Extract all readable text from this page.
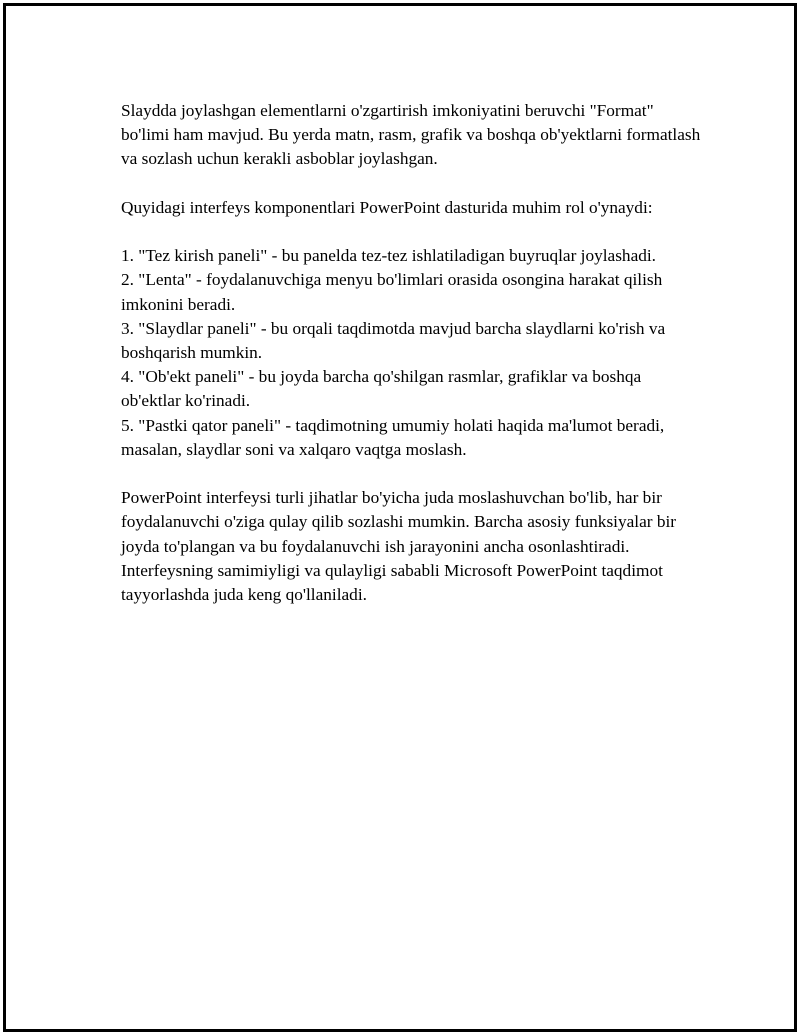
Slaydda joylashgan elementlarni o'zgartirish imkoniyatini beruvchi "Format" bo'limi ham mavjud. Bu yerda matn, rasm, grafik va boshqa ob'yektlarni formatlash va sozlash uchun kerakli asboblar joylashgan.

Quyidagi interfeys komponentlari PowerPoint dasturida muhim rol o'ynaydi:

1. "Tez kirish paneli" - bu panelda tez-tez ishlatiladigan buyruqlar joylashadi.
2. "Lenta" - foydalanuvchiga menyu bo'limlari orasida osongina harakat qilish imkonini beradi.
3. "Slaydlar paneli" - bu orqali taqdimotda mavjud barcha slaydlarni ko'rish va boshqarish mumkin.
4. "Ob'ekt paneli" - bu joyda barcha qo'shilgan rasmlar, grafiklar va boshqa ob'ektlar ko'rinadi.
5. "Pastki qator paneli" - taqdimotning umumiy holati haqida ma'lumot beradi, masalan, slaydlar soni va xalqaro vaqtga moslash.

PowerPoint interfeysi turli jihatlar bo'yicha juda moslashuvchan bo'lib, har bir foydalanuvchi o'ziga qulay qilib sozlashi mumkin. Barcha asosiy funksiyalar bir joyda to'plangan va bu foydalanuvchi ish jarayonini ancha osonlashtiradi. Interfeysning samimiyligi va qulayligi sababli Microsoft PowerPoint taqdimot tayyorlashda juda keng qo'llaniladi.
